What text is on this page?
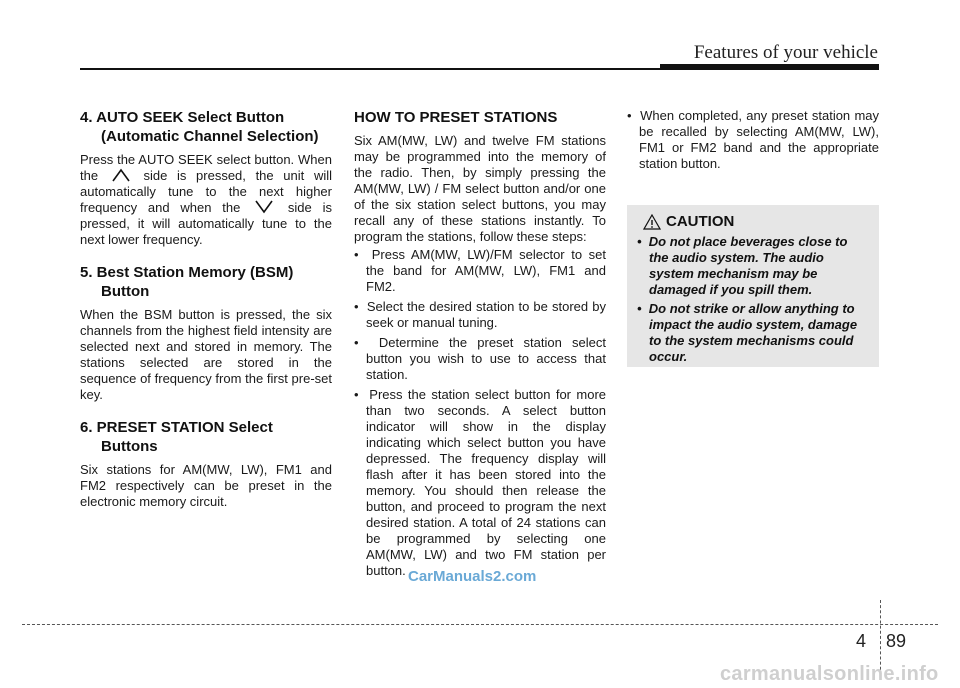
Features of your vehicle
4. AUTO SEEK Select Button (Automatic Channel Selection)

Press the AUTO SEEK select button. When the	side is pressed, the unit will automatically tune to the next higher frequency and when the	side is pressed, it will automatically tune to the next lower frequency.

5. Best Station Memory (BSM) Button

When the BSM button is pressed, the six channels from the highest field intensity are selected next and stored in memory. The stations selected are stored in the sequence of frequency from the first pre-set key.

6. PRESET STATION Select Buttons

Six stations for AM(MW, LW), FM1 and FM2 respectively can be preset in the electronic memory circuit.

HOW TO PRESET STATIONS

Six AM(MW, LW) and twelve FM stations may be programmed into the memory of the radio. Then, by simply pressing the AM(MW, LW) / FM select button and/or one of the six station select buttons, you may recall any of these stations instantly. To program the stations, follow these steps:

•  Press AM(MW, LW)/FM selector to set the band for AM(MW, LW), FM1 and FM2.
•  Select the desired station to be stored by seek or manual tuning.
•  Determine the preset station select button you wish to use to access that station.
•  Press the station select button for more than two seconds. A select button indicator will show in the display indicating which select button you have depressed. The frequency display will flash after it has been stored into the memory. You should then release the button, and proceed to program the next desired station. A total of 24 stations can be programmed by selecting one AM(MW, LW) and two FM station per button.
•  When completed, any preset station may be recalled by selecting AM(MW, LW), FM1 or FM2 band and the appropriate station button.
CAUTION
•  Do not place beverages close to the audio system. The audio system mechanism may be damaged if you spill them.
•  Do not strike or allow anything to impact the audio system, damage to the system mechanisms could occur.
CarManuals2.com
4 89
carmanualsonline.info
